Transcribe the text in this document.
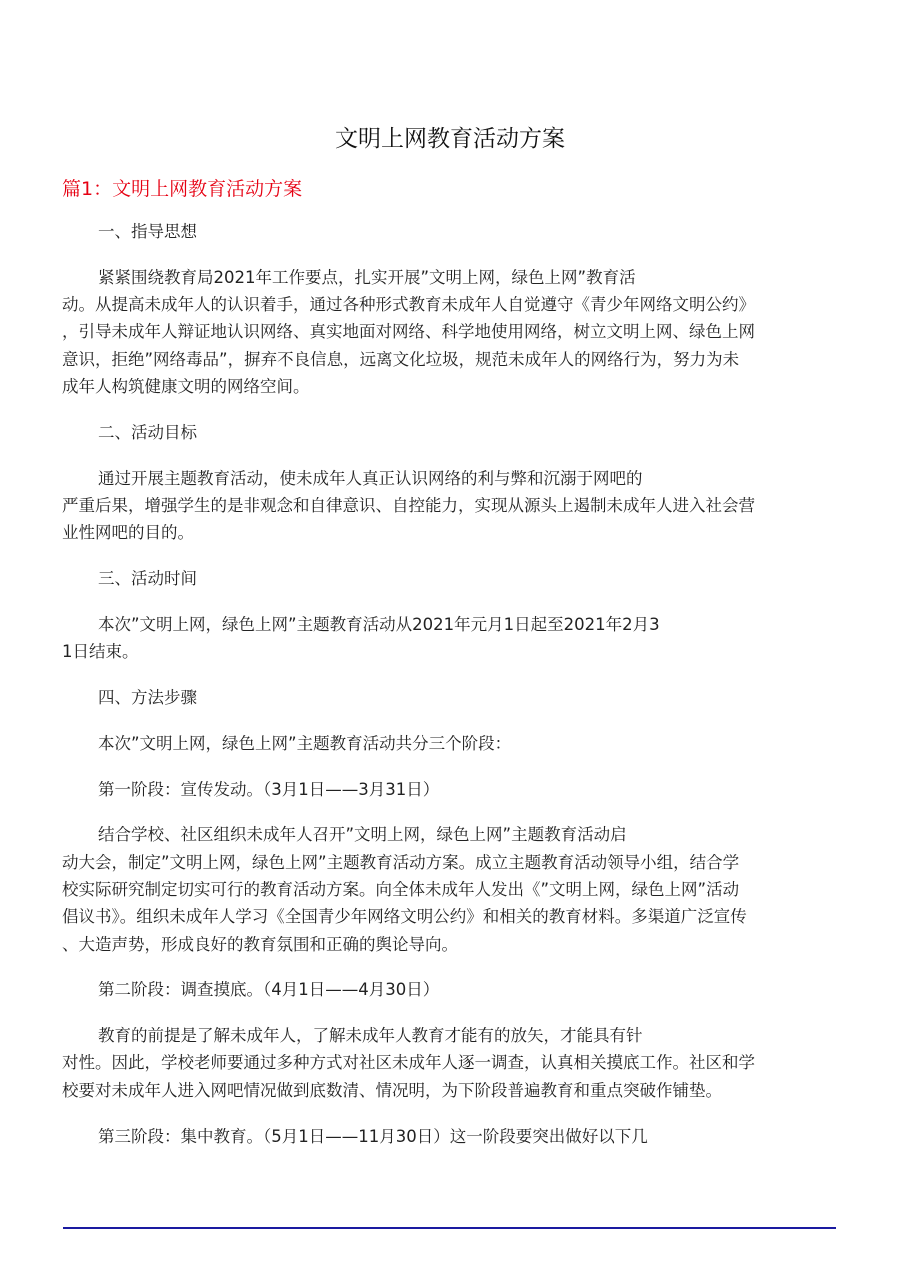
文明上网教育活动方案
篇1：文明上网教育活动方案
一、指导思想
紧紧围绕教育局2021年工作要点，扎实开展”文明上网，绿色上网”教育活
动。从提高未成年人的认识着手，通过各种形式教育未成年人自觉遵守《青少年网络文明公约》
，引导未成年人辩证地认识网络、真实地面对网络、科学地使用网络，树立文明上网、绿色上网
意识，拒绝”网络毒品”，摒弃不良信息，远离文化垃圾，规范未成年人的网络行为，努力为未
成年人构筑健康文明的网络空间。
二、活动目标
通过开展主题教育活动，使未成年人真正认识网络的利与弊和沉溺于网吧的
严重后果，增强学生的是非观念和自律意识、自控能力，实现从源头上遏制未成年人进入社会营
业性网吧的目的。
三、活动时间
本次”文明上网，绿色上网”主题教育活动从2021年元月1日起至2021年2月3
1日结束。
四、方法步骤
本次”文明上网，绿色上网”主题教育活动共分三个阶段：
第一阶段：宣传发动。（3月1日——3月31日）
结合学校、社区组织未成年人召开”文明上网，绿色上网”主题教育活动启
动大会，制定”文明上网，绿色上网”主题教育活动方案。成立主题教育活动领导小组，结合学
校实际研究制定切实可行的教育活动方案。向全体未成年人发出《”文明上网，绿色上网”活动
倡议书》。组织未成年人学习《全国青少年网络文明公约》和相关的教育材料。多渠道广泛宣传
、大造声势，形成良好的教育氛围和正确的舆论导向。
第二阶段：调查摸底。（4月1日——4月30日）
教育的前提是了解未成年人，了解未成年人教育才能有的放矢，才能具有针
对性。因此，学校老师要通过多种方式对社区未成年人逐一调查，认真相关摸底工作。社区和学
校要对未成年人进入网吧情况做到底数清、情况明，为下阶段普遍教育和重点突破作铺垫。
第三阶段：集中教育。（5月1日——11月30日）这一阶段要突出做好以下几
